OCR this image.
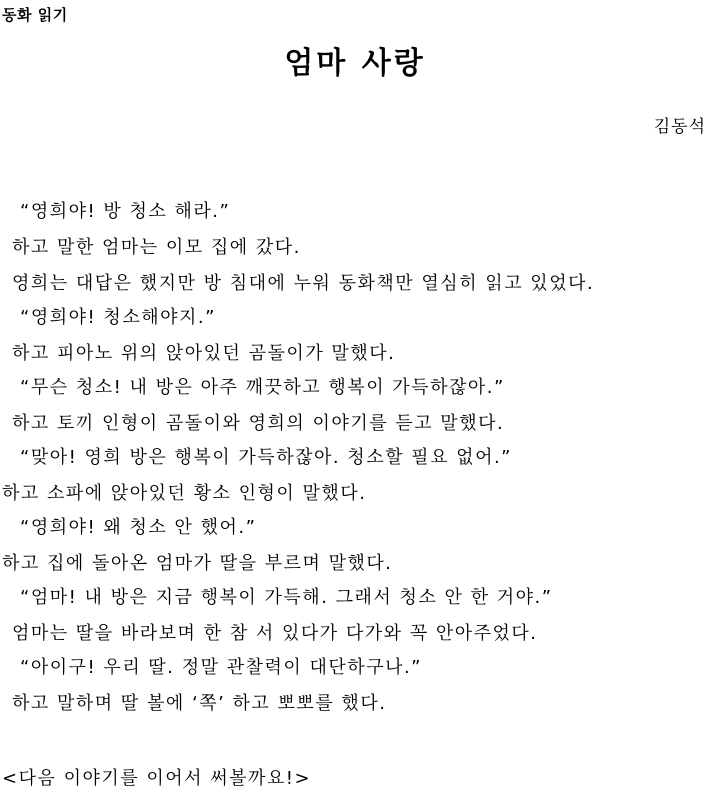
동화 읽기
엄마 사랑
김동석
“영희야! 방 청소 해라.”
하고 말한 엄마는 이모 집에 갔다.
영희는 대답은 했지만 방 침대에 누워 동화책만 열심히 읽고 있었다.
“영희야! 청소해야지.”
하고 피아노 위의 앉아있던 곰돌이가 말했다.
“무슨 청소! 내 방은 아주 깨끗하고 행복이 가득하잖아.”
하고 토끼 인형이 곰돌이와 영희의 이야기를 듣고 말했다.
“맞아! 영희 방은 행복이 가득하잖아. 청소할 필요 없어.”
하고 소파에 앉아있던 황소 인형이 말했다.
“영희야! 왜 청소 안 했어.”
하고 집에 돌아온 엄마가 딸을 부르며 말했다.
“엄마! 내 방은 지금 행복이 가득해. 그래서 청소 안 한 거야.”
엄마는 딸을 바라보며 한 참 서 있다가 다가와 꼭 안아주었다.
“아이구! 우리 딸. 정말 관찰력이 대단하구나.”
하고 말하며 딸 볼에 ‘쪽’ 하고 뽀뽀를 했다.
<다음 이야기를 이어서 써볼까요!>
